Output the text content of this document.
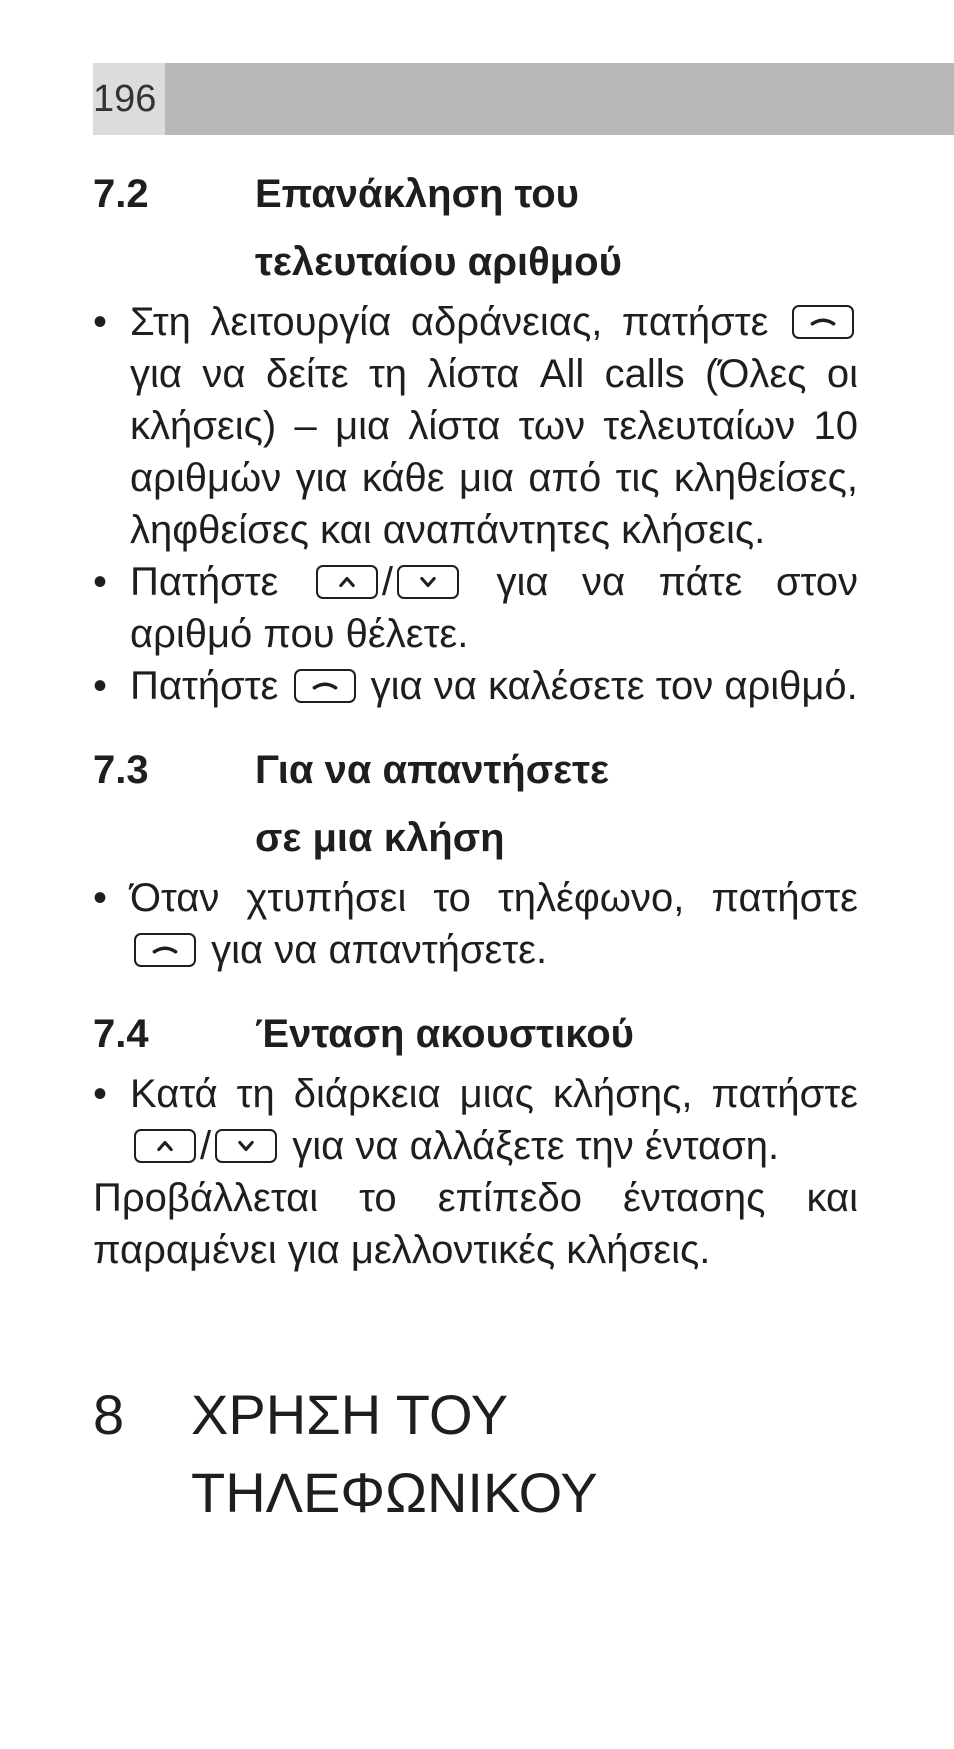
196
7.2	Επανάκληση του
τελευταίου αριθμού
• Στη λειτουργία αδράνειας, πατήστε
για να δείτε τη λίστα All calls (Όλες οι κλήσεις) – μια λίστα των τελευταίων 10 αριθμών για κάθε μια από τις κληθείσες, ληφθείσες και αναπάντητες κλήσεις.
• Πατήστε	/	για να πάτε στον αριθμό που θέλετε.
• Πατήστε για να καλέσετε τον αριθμό.
7.3	Για να απαντήσετε
σε μια κλήση
• Όταν χτυπήσει το τηλέφωνο, πατήστε
για να απαντήσετε.
7.4	Ένταση ακουστικού
• Κατά τη διάρκεια μιας κλήσης, πατήστε
/ για να αλλάξετε την ένταση.

Προβάλλεται το επίπεδο έντασης και παραμένει για μελλοντικές κλήσεις.

8	ΧΡΗΣΗ ΤΟΥ
ΤΗΛΕΦΩΝΙΚΟΥ
